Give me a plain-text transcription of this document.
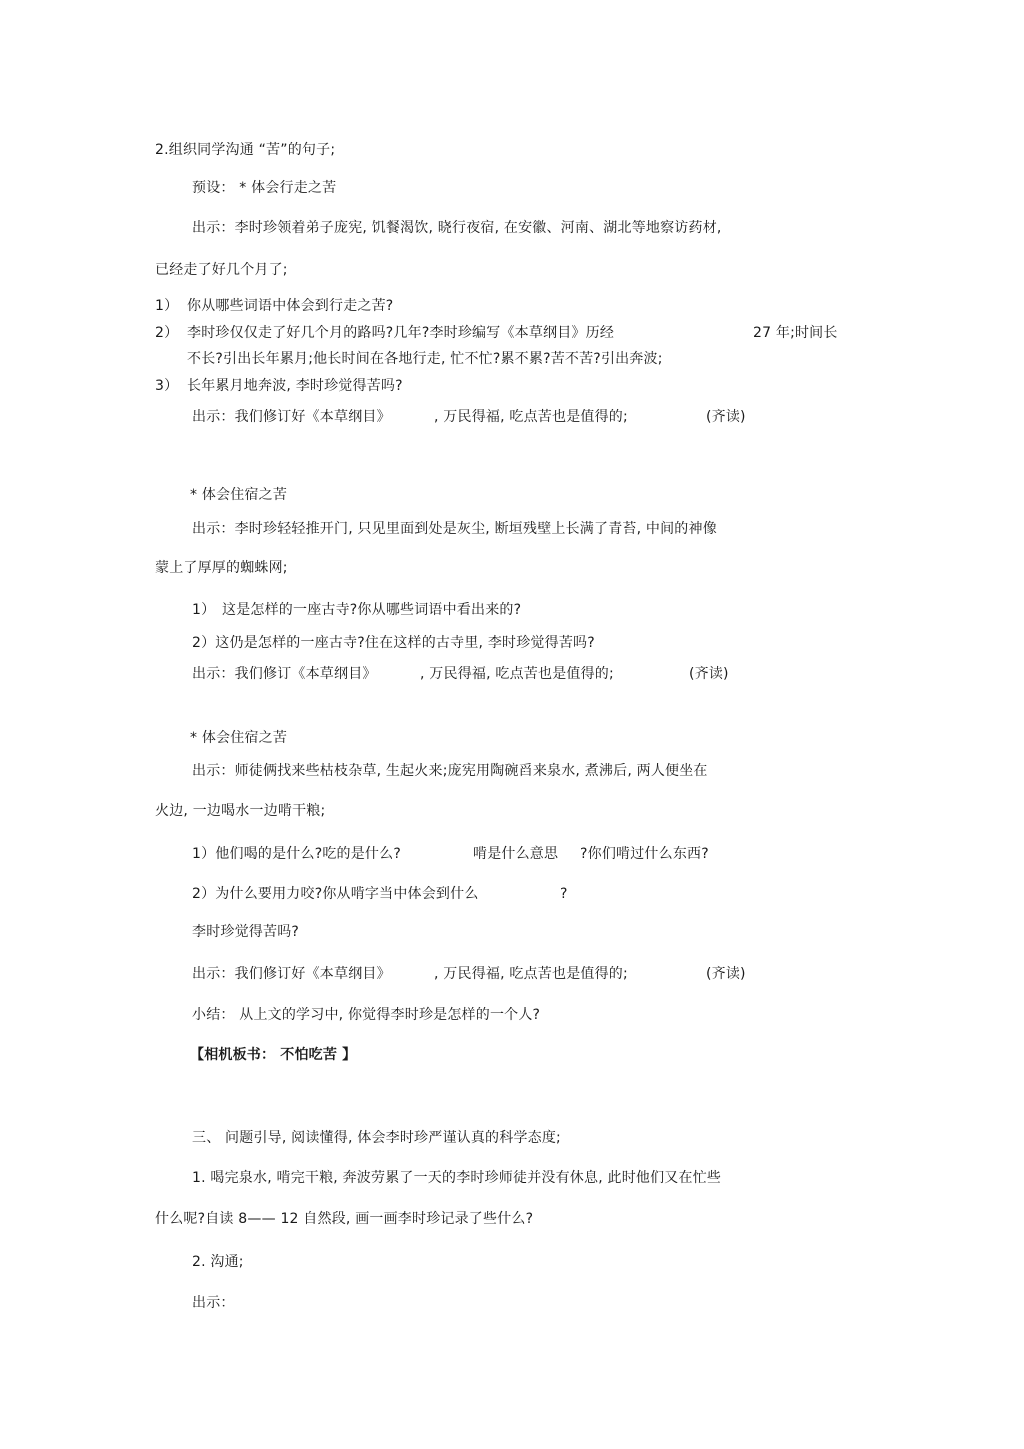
2.组织同学沟通 “苦”的句子;
预设： * 体会行走之苦
出示：李时珍领着弟子庞宪, 饥餐渴饮, 晓行夜宿, 在安徽、河南、湖北等地察访药材,
已经走了好几个月了;
1） 你从哪些词语中体会到行走之苦?
2） 李时珍仅仅走了好几个月的路吗?几年?李时珍编写《本草纲目》历经	27 年;时间长
不长?引出长年累月;他长时间在各地行走, 忙不忙?累不累?苦不苦?引出奔波;
3） 长年累月地奔波, 李时珍觉得苦吗?
出示：我们修订好《本草纲目》	, 万民得福, 吃点苦也是值得的;	(齐读)
* 体会住宿之苦
出示：李时珍轻轻推开门, 只见里面到处是灰尘, 断垣残壁上长满了青苔, 中间的神像
蒙上了厚厚的蜘蛛网;
1） 这是怎样的一座古寺?你从哪些词语中看出来的?
2）这仍是怎样的一座古寺?住在这样的古寺里, 李时珍觉得苦吗?
出示：我们修订《本草纲目》	, 万民得福, 吃点苦也是值得的;	(齐读)
* 体会住宿之苦
出示：师徒俩找来些枯枝杂草, 生起火来;庞宪用陶碗舀来泉水, 煮沸后, 两人便坐在
火边, 一边喝水一边啃干粮;
1）他们喝的是什么?吃的是什么?	啃是什么意思 ?你们啃过什么东西?
2）为什么要用力咬?你从啃字当中体会到什么	?
李时珍觉得苦吗?
出示：我们修订好《本草纲目》	, 万民得福, 吃点苦也是值得的;	(齐读)
小结： 从上文的学习中, 你觉得李时珍是怎样的一个人?
【相机板书： 不怕吃苦 】
三、 问题引导, 阅读懂得, 体会李时珍严谨认真的科学态度;
1. 喝完泉水, 啃完干粮, 奔波劳累了一天的李时珍师徒并没有休息, 此时他们又在忙些
什么呢?自读 8—— 12 自然段, 画一画李时珍记录了些什么?
2. 沟通;
出示：
